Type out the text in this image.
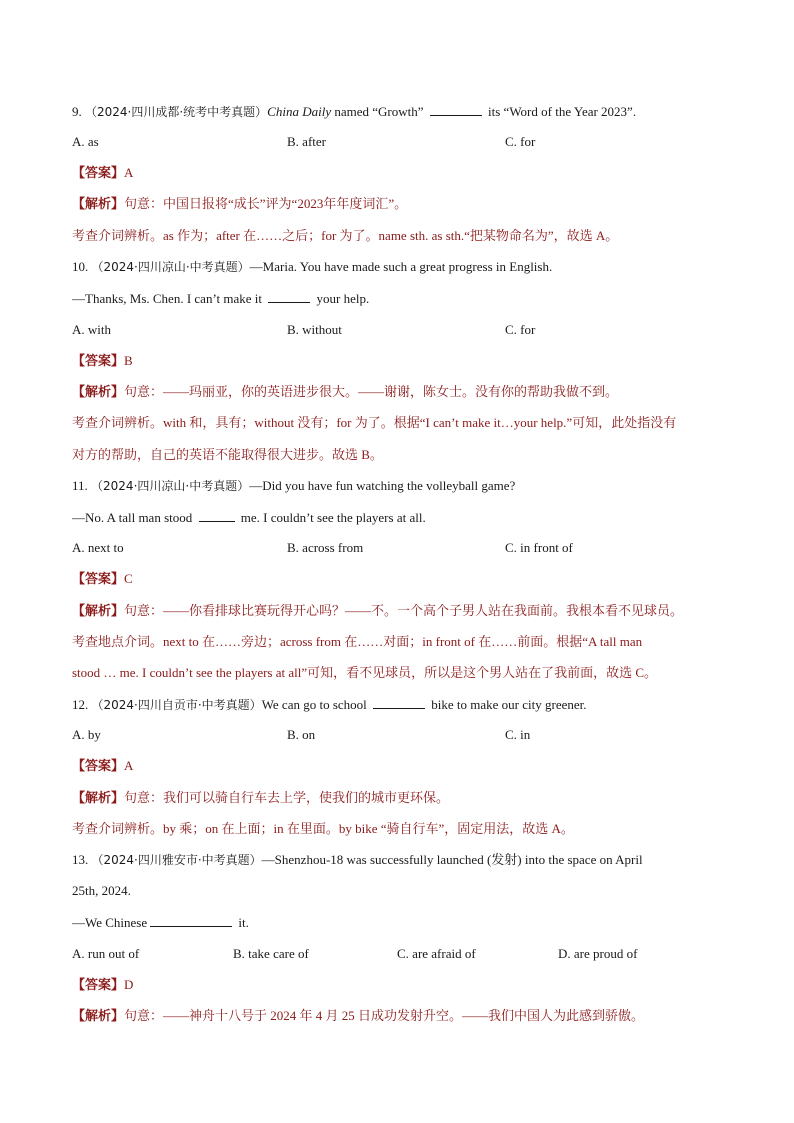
9. （2024·四川成都·统考中考真题）China Daily named “Growth”	its “Word of the Year 2023”.
A. as	B. after	C. for
【答案】A
【解析】句意：中国日报将“成长”评为“2023年年度词汇”。
考查介词辨析。as 作为；after 在……之后；for 为了。name sth. as sth.“把某物命名为”，故选 A。
10. （2024·四川凉山·中考真题）—Maria. You have made such a great progress in English.
—Thanks, Ms. Chen. I can’t make it	your help.
A. with	B. without	C. for
【答案】B
【解析】句意：——玛丽亚，你的英语进步很大。——谢谢，陈女士。没有你的帮助我做不到。
考查介词辨析。with 和，具有；without 没有；for 为了。根据“I can’t make it…your help.”可知，此处指没有
对方的帮助，自己的英语不能取得很大进步。故选 B。
11. （2024·四川凉山·中考真题）—Did you have fun watching the volleyball game?
—No. A tall man stood	me. I couldn’t see the players at all.
A. next to	B. across from	C. in front of
【答案】C
【解析】句意：——你看排球比赛玩得开心吗？——不。一个高个子男人站在我面前。我根本看不见球员。
考查地点介词。next to 在……旁边；across from 在……对面；in front of 在……前面。根据“A tall man
stood … me. I couldn’t see the players at all”可知，看不见球员，所以是这个男人站在了我前面，故选 C。
12. （2024·四川自贡市·中考真题）We can go to school	bike to make our city greener.
A. by	B. on	C. in
【答案】A
【解析】句意：我们可以骑自行车去上学，使我们的城市更环保。
考查介词辨析。by 乘；on 在上面；in 在里面。by bike “骑自行车”，固定用法，故选 A。
13. （2024·四川雅安市·中考真题）—Shenzhou-18 was successfully launched (发射) into the space on April
25th, 2024.
—We Chinese	it.
A. run out of	B. take care of	C. are afraid of	D. are proud of
【答案】D
【解析】句意：——神舟十八号于 2024 年 4 月 25 日成功发射升空。——我们中国人为此感到骄傲。
